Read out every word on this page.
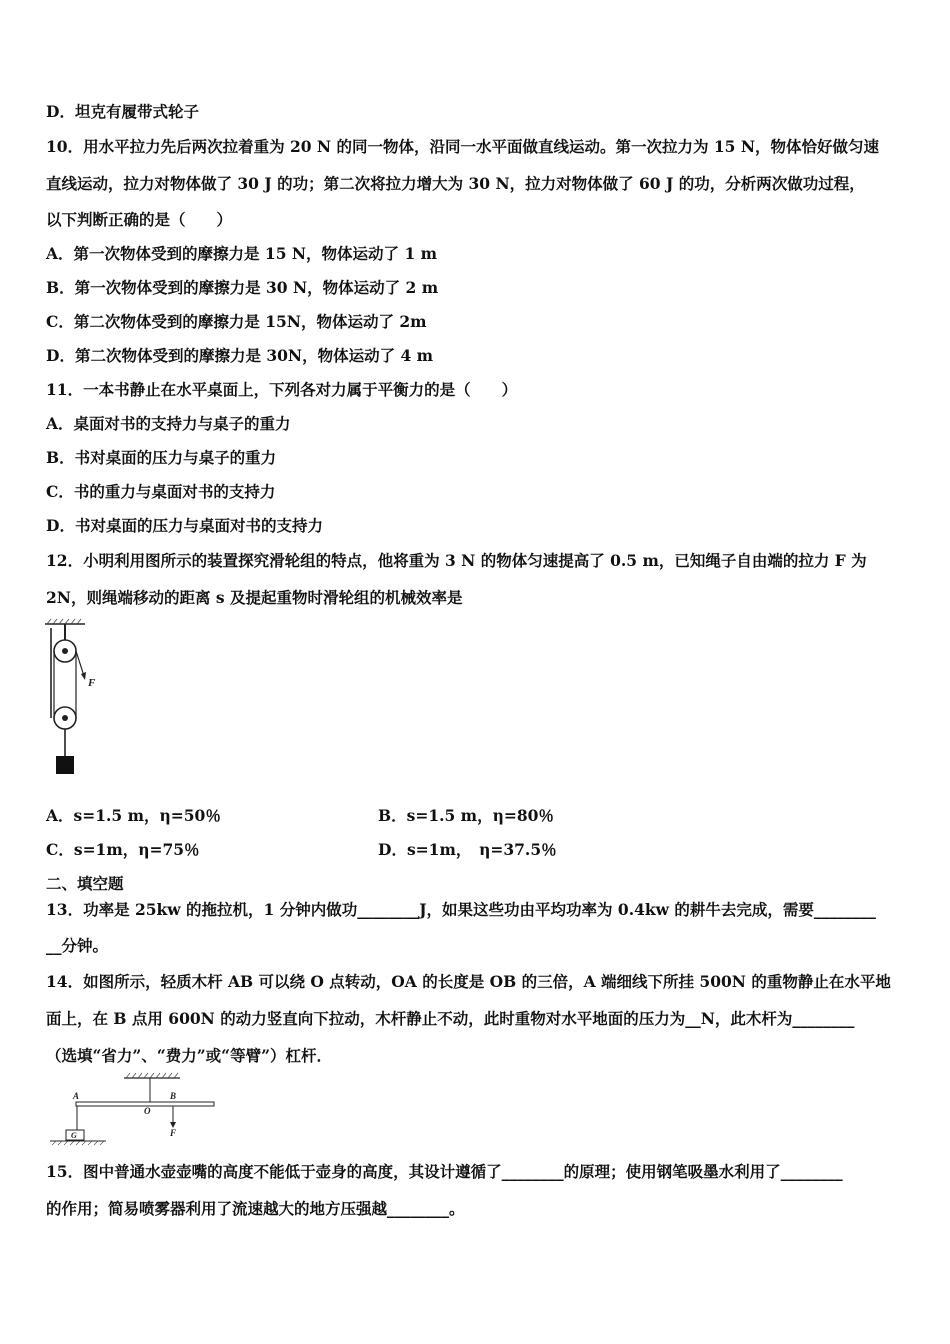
D．坦克有履带式轮子
10．用水平拉力先后两次拉着重为 20 N 的同一物体，沿同一水平面做直线运动。第一次拉力为 15 N，物体恰好做匀速
直线运动，拉力对物体做了 30 J 的功；第二次将拉力增大为 30 N，拉力对物体做了 60 J 的功，分析两次做功过程，
以下判断正确的是（　　）
A．第一次物体受到的摩擦力是 15 N，物体运动了 1 m
B．第一次物体受到的摩擦力是 30 N，物体运动了 2 m
C．第二次物体受到的摩擦力是 15N，物体运动了 2m
D．第二次物体受到的摩擦力是 30N，物体运动了 4 m
11．一本书静止在水平桌面上，下列各对力属于平衡力的是（　　）
A．桌面对书的支持力与桌子的重力
B．书对桌面的压力与桌子的重力
C．书的重力与桌面对书的支持力
D．书对桌面的压力与桌面对书的支持力
12．小明利用图所示的装置探究滑轮组的特点，他将重为 3 N 的物体匀速提高了 0.5 m，已知绳子自由端的拉力 F 为
2N，则绳端移动的距离 s 及提起重物时滑轮组的机械效率是
F
A．s=1.5 m，η=50％	B．s=1.5 m，η=80％
C．s=1m，η=75％	D．s=1m，　η=37.5％
二、填空题
13．功率是 25kw 的拖拉机，1 分钟内做功________J，如果这些功由平均功率为 0.4kw 的耕牛去完成，需要________
__分钟。
14．如图所示，轻质木杆 AB 可以绕 O 点转动，OA 的长度是 OB 的三倍，A 端细线下所挂 500N 的重物静止在水平地
面上，在 B 点用 600N 的动力竖直向下拉动，木杆静止不动，此时重物对水平地面的压力为__N，此木杆为________
（选填“省力”、“费力”或“等臂”）杠杆．
A
O
B
G	F
15．图中普通水壶壶嘴的高度不能低于壶身的高度，其设计遵循了________的原理；使用钢笔吸墨水利用了________
的作用；简易喷雾器利用了流速越大的地方压强越________。
